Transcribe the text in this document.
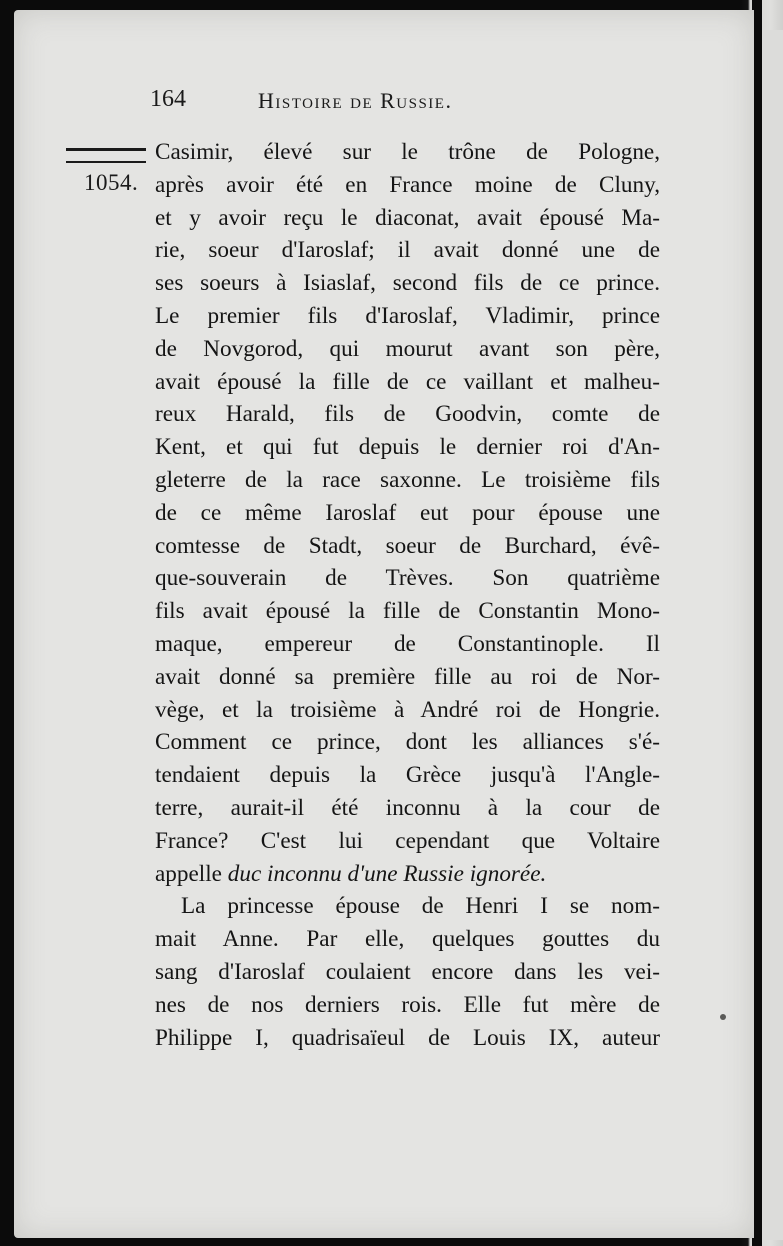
164	Histoire de Russie.
1054.
Casimir, élevé sur le trône de Pologne,
après avoir été en France moine de Cluny,
et y avoir reçu le diaconat, avait épousé Ma-
rie, soeur d'Iaroslaf; il avait donné une de
ses soeurs à Isiaslaf, second fils de ce prince.
Le premier fils d'Iaroslaf, Vladimir, prince
de Novgorod, qui mourut avant son père,
avait épousé la fille de ce vaillant et malheu-
reux Harald, fils de Goodvin, comte de
Kent, et qui fut depuis le dernier roi d'An-
gleterre de la race saxonne. Le troisième fils
de ce même Iaroslaf eut pour épouse une
comtesse de Stadt, soeur de Burchard, évê-
que-souverain de Trèves. Son quatrième
fils avait épousé la fille de Constantin Mono-
maque, empereur de Constantinople. Il
avait donné sa première fille au roi de Nor-
vège, et la troisième à André roi de Hongrie.
Comment ce prince, dont les alliances s'é-
tendaient depuis la Grèce jusqu'à l'Angle-
terre, aurait-il été inconnu à la cour de
France? C'est lui cependant que Voltaire
appelle duc inconnu d'une Russie ignorée.
La princesse épouse de Henri I se nom-
mait Anne. Par elle, quelques gouttes du
sang d'Iaroslaf coulaient encore dans les vei-
nes de nos derniers rois. Elle fut mère de
Philippe I, quadrisaïeul de Louis IX, auteur
